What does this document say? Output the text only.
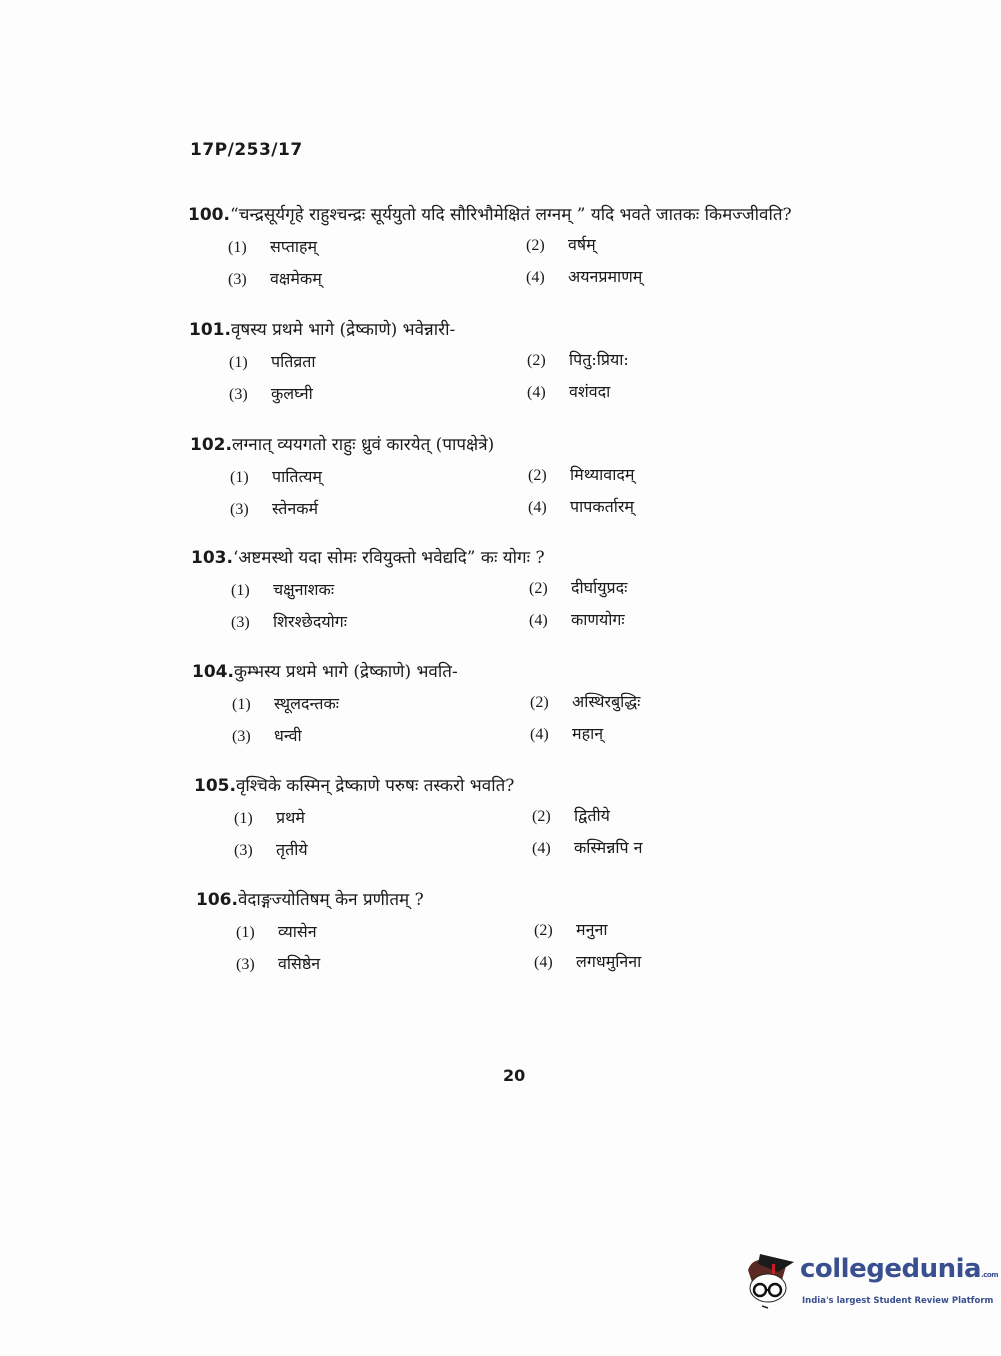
17P/253/17
100.“चन्द्रसूर्यगृहे राहुश्चन्द्रः सूर्ययुतो यदि सौरिभौमेक्षितं लग्नम् ” यदि भवते जातकः किमज्जीवति?
(1) सप्ताहम्	(2) वर्षम्
(3) वक्षमेकम्	(4) अयनप्रमाणम्
101.वृषस्य प्रथमे भागे (द्रेष्काणे) भवेन्नारी-
(1) पतिव्रता	(2) पितु:प्रिया:
(3) कुलघ्नी	(4) वशंवदा
102.लग्नात् व्ययगतो राहुः ध्रुवं कारयेत् (पापक्षेत्रे)
(1) पातित्यम्	(2) मिथ्यावादम्
(3) स्तेनकर्म	(4) पापकर्तारम्
103.‘अष्टमस्थो यदा सोमः रवियुक्तो भवेद्यदि” कः योगः ?
(1) चक्षुनाशकः	(2) दीर्घायुप्रदः
(3) शिरश्छेदयोगः	(4) काणयोगः
104.कुम्भस्य प्रथमे भागे (द्रेष्काणे) भवति-
(1) स्थूलदन्तकः	(2) अस्थिरबुद्धिः
(3) धन्वी	(4) महान्
105.वृश्चिके कस्मिन् द्रेष्काणे परुषः तस्करो भवति?
(1) प्रथमे	(2) द्वितीये
(3) तृतीये	(4) कस्मिन्नपि न
106.वेदाङ्गज्योतिषम् केन प्रणीतम् ?
(1) व्यासेन	(2) मनुना
(3) वसिष्ठेन	(4) लगधमुनिना
20
collegedunia.com
India's largest Student Review Platform
